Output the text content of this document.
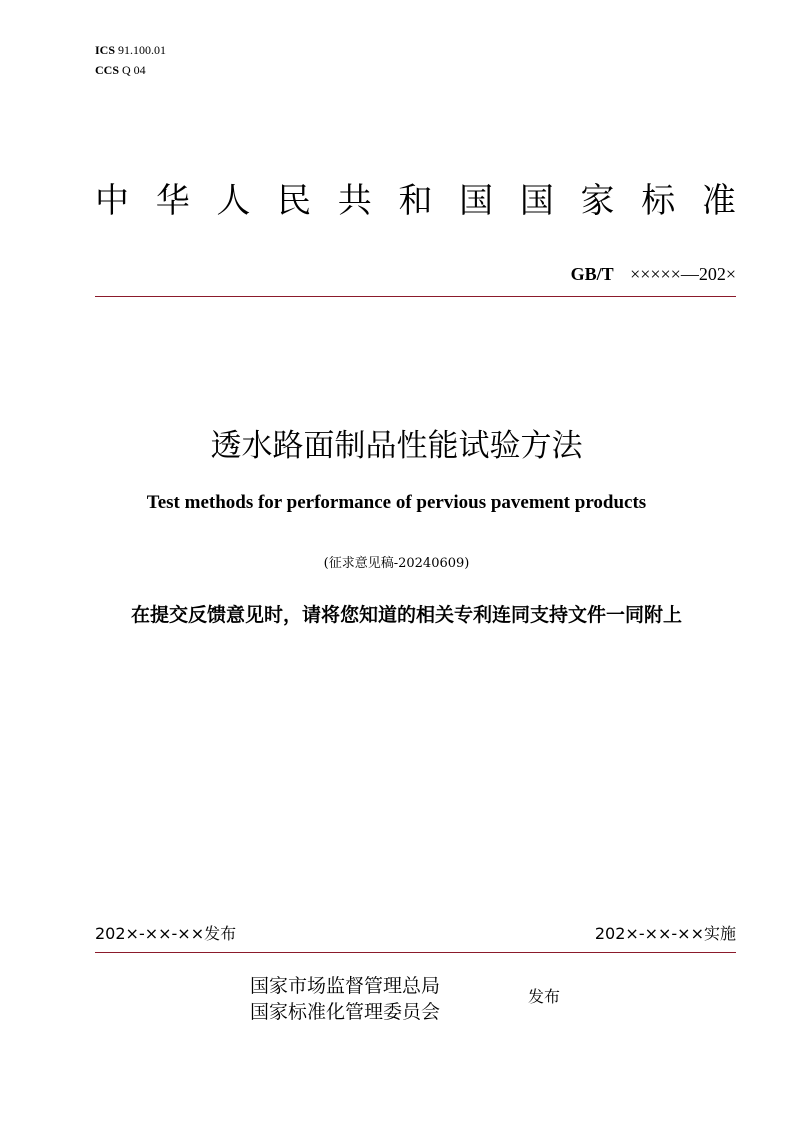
ICS 91.100.01
CCS Q 04
中 华 人 民 共 和 国 国 家 标 准
GB/T ×××××—202×
透水路面制品性能试验方法
Test methods for performance of pervious pavement products
(征求意见稿-20240609)
在提交反馈意见时，请将您知道的相关专利连同支持文件一同附上
202×-××-××发布	202×-××-××实施
国家市场监督管理总局
国家标准化管理委员会
发布
